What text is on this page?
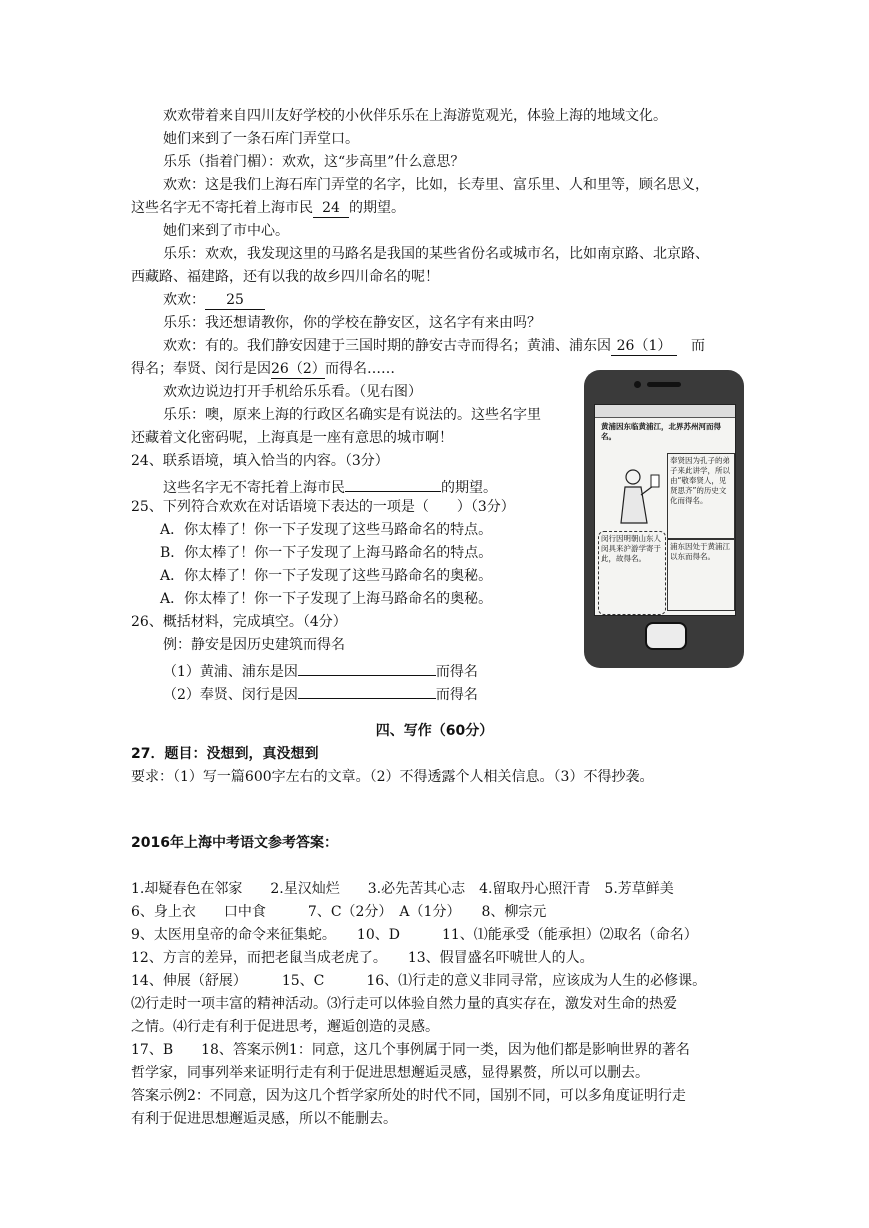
欢欢带着来自四川友好学校的小伙伴乐乐在上海游览观光，体验上海的地域文化。
她们来到了一条石库门弄堂口。
乐乐（指着门楣）：欢欢，这“步高里”什么意思？
欢欢：这是我们上海石库门弄堂的名字，比如，长寿里、富乐里、人和里等，顾名思义，
这些名字无不寄托着上海市民 24 的期望。
她们来到了市中心。
乐乐：欢欢，我发现这里的马路名是我国的某些省份名或城市名，比如南京路、北京路、
西藏路、福建路，还有以我的故乡四川命名的呢！
欢欢： 25
乐乐：我还想请教你，你的学校在静安区，这名字有来由吗？
欢欢：有的。我们静安因建于三国时期的静安古寺而得名；黄浦、浦东因 26（1） 而
得名；奉贤、闵行是因26（2）而得名……
欢欢边说边打开手机给乐乐看。（见右图）
乐乐：噢，原来上海的行政区名确实是有说法的。这些名字里
还藏着文化密码呢，上海真是一座有意思的城市啊！
24、联系语境，填入恰当的内容。（3分）
这些名字无不寄托着上海市民	的期望。
25、下列符合欢欢在对话语境下表达的一项是（　　）（3分）
A．你太棒了！你一下子发现了这些马路命名的特点。
B．你太棒了！你一下子发现了上海马路命名的特点。
A．你太棒了！你一下子发现了这些马路命名的奥秘。
A．你太棒了！你一下子发现了上海马路命名的奥秘。
26、概括材料，完成填空。（4分）
例：静安是因历史建筑而得名
（1）黄浦、浦东是因	而得名
（2）奉贤、闵行是因	而得名
黄浦因东临黄浦江，北界苏州河而得名。
奉贤因为孔子的弟子来此讲学，所以由“敬奉贤人，见贤思齐”的历史文化而得名。
闵行因明朝山东人闵具来沪游学寄于此，故得名。
浦东因处于黄浦江以东而得名。
四、写作（60分）
27．题目：没想到，真没想到
要求：（1）写一篇600字左右的文章。（2）不得透露个人相关信息。（3）不得抄袭。
2016年上海中考语文参考答案：
1.却疑春色在邻家　　2.星汉灿烂　　3.必先苦其心志　4.留取丹心照汗青　5.芳草鲜美
6、身上衣　　口中食　　　7、C（2分）　A（1分）　　8、柳宗元
9、太医用皇帝的命令来征集蛇。　　10、D　　　11、⑴能承受（能承担）⑵取名（命名）
12、方言的差异，而把老鼠当成老虎了。　　13、假冒盛名吓唬世人的人。
14、伸展（舒展）　　　15、C　　　16、⑴行走的意义非同寻常，应该成为人生的必修课。
⑵行走时一项丰富的精神活动。⑶行走可以体验自然力量的真实存在，激发对生命的热爱
之情。⑷行走有利于促进思考，邂逅创造的灵感。
17、B　　18、答案示例1：同意，这几个事例属于同一类，因为他们都是影响世界的著名
哲学家，同事列举来证明行走有利于促进思想邂逅灵感，显得累赘，所以可以删去。
答案示例2：不同意，因为这几个哲学家所处的时代不同，国别不同，可以多角度证明行走
有利于促进思想邂逅灵感，所以不能删去。
